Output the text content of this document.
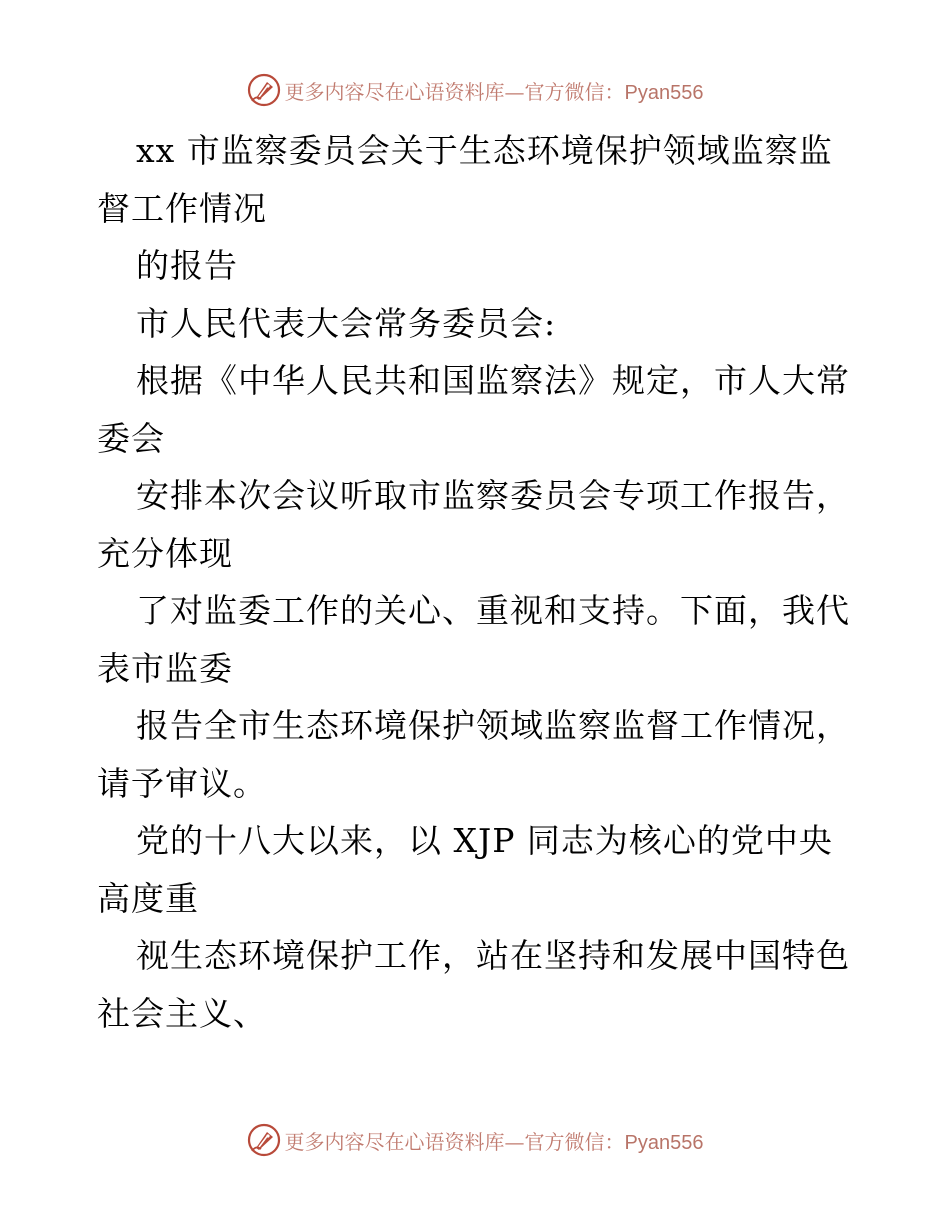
更多内容尽在心语资料库—官方微信：Pyan556
xx 市监察委员会关于生态环境保护领域监察监
督工作情况
的报告
市人民代表大会常务委员会:
根据《中华人民共和国监察法》规定，市人大常
委会
安排本次会议听取市监察委员会专项工作报告，
充分体现
了对监委工作的关心、重视和支持。下面，我代
表市监委
报告全市生态环境保护领域监察监督工作情况，
请予审议。
党的十八大以来，以 XJP 同志为核心的党中央
高度重
视生态环境保护工作，站在坚持和发展中国特色
社会主义、
更多内容尽在心语资料库—官方微信：Pyan556
